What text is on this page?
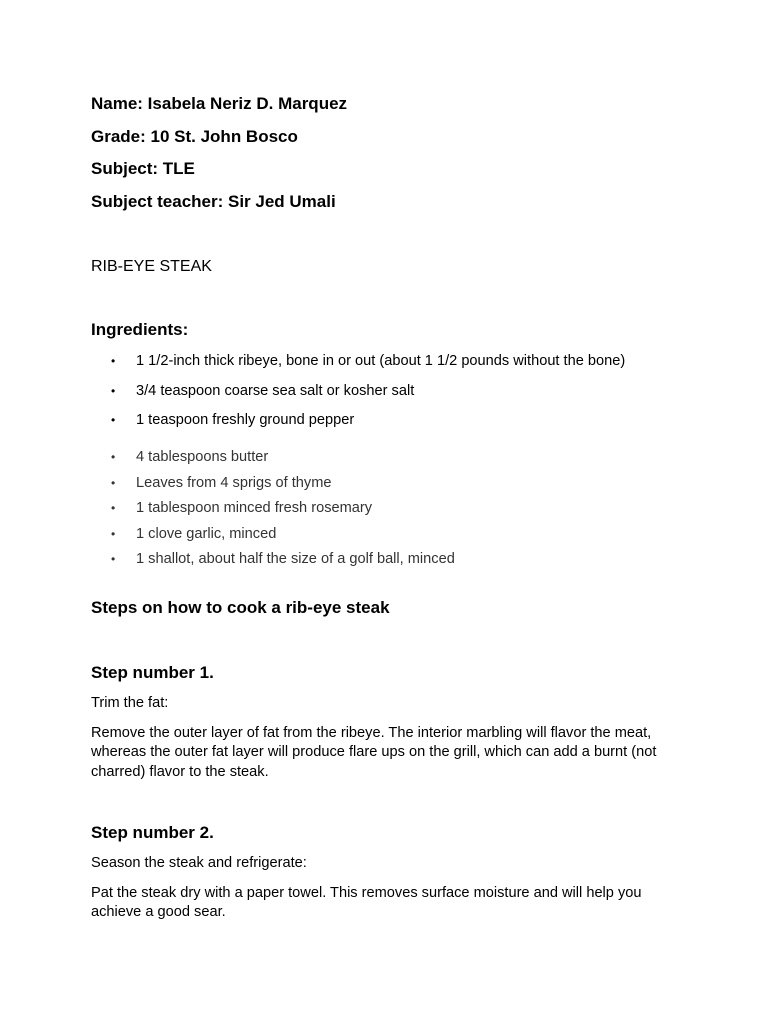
Name: Isabela Neriz D. Marquez
Grade: 10 St. John Bosco
Subject: TLE
Subject teacher: Sir Jed Umali
RIB-EYE STEAK
Ingredients:
• 1 1/2-inch thick ribeye, bone in or out (about 1 1/2 pounds without the bone)
• 3/4 teaspoon coarse sea salt or kosher salt
• 1 teaspoon freshly ground pepper
• 4 tablespoons butter
• Leaves from 4 sprigs of thyme
• 1 tablespoon minced fresh rosemary
• 1 clove garlic, minced
• 1 shallot, about half the size of a golf ball, minced
Steps on how to cook a rib-eye steak
Step number 1.
Trim the fat:
Remove the outer layer of fat from the ribeye. The interior marbling will flavor the meat, whereas the outer fat layer will produce flare ups on the grill, which can add a burnt (not charred) flavor to the steak.
Step number 2.
Season the steak and refrigerate:
Pat the steak dry with a paper towel. This removes surface moisture and will help you achieve a good sear.
